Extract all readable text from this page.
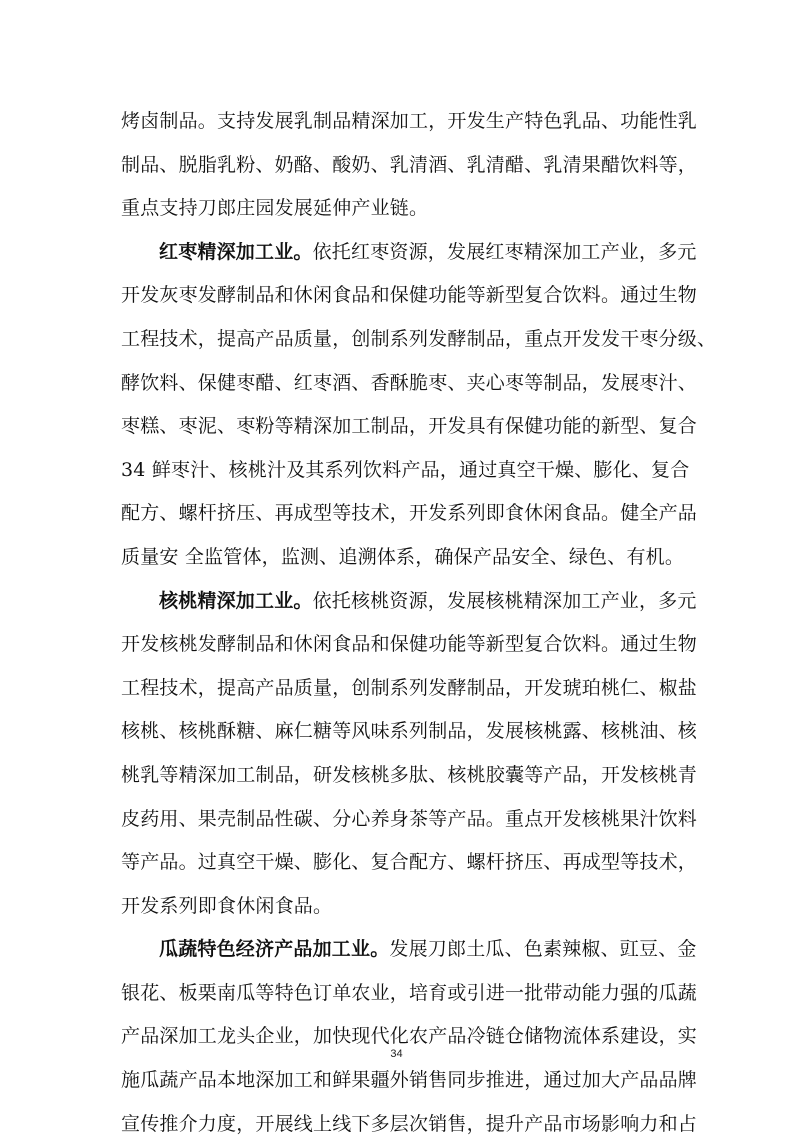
烤卤制品。支持发展乳制品精深加工，开发生产特色乳品、功能性乳
制品、脱脂乳粉、奶酪、酸奶、乳清酒、乳清醋、乳清果醋饮料等，
重点支持刀郎庄园发展延伸产业链。
红枣精深加工业。依托红枣资源，发展红枣精深加工产业，多元
开发灰枣发酵制品和休闲食品和保健功能等新型复合饮料。通过生物
工程技术，提高产品质量，创制系列发酵制品，重点开发发干枣分级、
酵饮料、保健枣醋、红枣酒、香酥脆枣、夹心枣等制品，发展枣汁、
枣糕、枣泥、枣粉等精深加工制品，开发具有保健功能的新型、复合
34 鲜枣汁、核桃汁及其系列饮料产品，通过真空干燥、膨化、复合
配方、螺杆挤压、再成型等技术，开发系列即食休闲食品。健全产品
质量安 全监管体，监测、追溯体系，确保产品安全、绿色、有机。
核桃精深加工业。依托核桃资源，发展核桃精深加工产业，多元
开发核桃发酵制品和休闲食品和保健功能等新型复合饮料。通过生物
工程技术，提高产品质量，创制系列发酵制品，开发琥珀桃仁、椒盐
核桃、核桃酥糖、麻仁糖等风味系列制品，发展核桃露、核桃油、核
桃乳等精深加工制品，研发核桃多肽、核桃胶囊等产品，开发核桃青
皮药用、果壳制品性碳、分心养身茶等产品。重点开发核桃果汁饮料
等产品。过真空干燥、膨化、复合配方、螺杆挤压、再成型等技术，
开发系列即食休闲食品。
瓜蔬特色经济产品加工业。发展刀郎土瓜、色素辣椒、豇豆、金
银花、板栗南瓜等特色订单农业，培育或引进一批带动能力强的瓜蔬
产品深加工龙头企业，加快现代化农产品冷链仓储物流体系建设，实
施瓜蔬产品本地深加工和鲜果疆外销售同步推进，通过加大产品品牌
宣传推介力度，开展线上线下多层次销售，提升产品市场影响力和占
34
